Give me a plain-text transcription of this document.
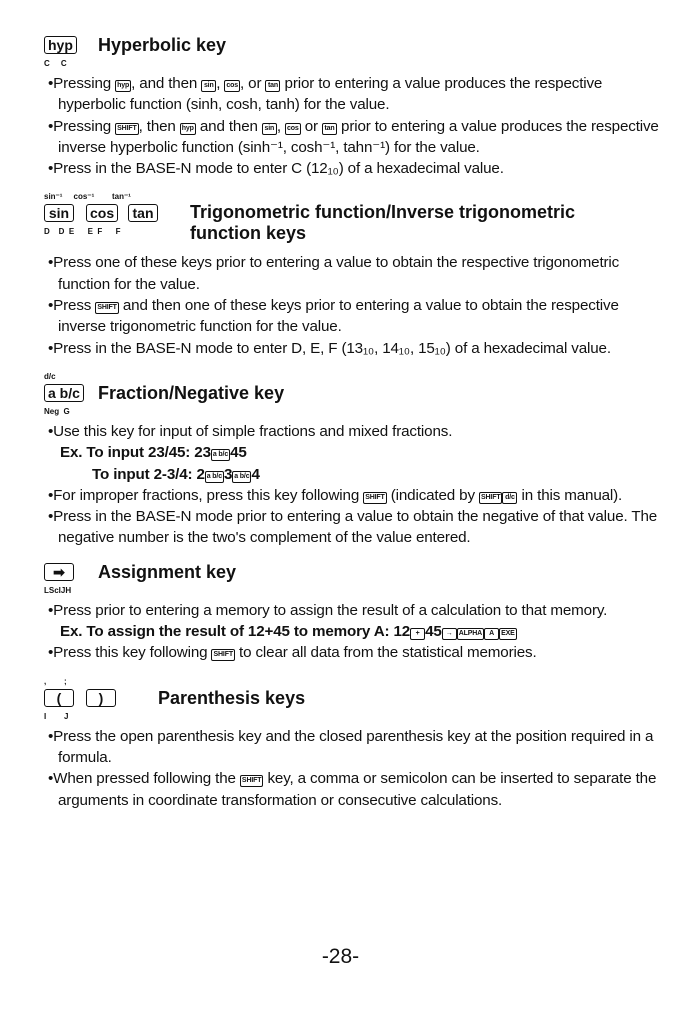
hyp Hyperbolic key
C     C

•Pressing hyp , and then sin , cos , or tan prior to entering a value produces the respective hyperbolic function (sinh, cosh, tanh) for the value.

•Pressing SHIFT , then hyp and then sin , cos or tan prior to entering a value produces the respective inverse hyperbolic function (sinh⁻¹, cosh⁻¹, tahn⁻¹) for the value.

•Press in the BASE-N mode to enter C (12₁₀) of a hexadecimal value.

sin⁻¹     cos⁻¹        tan⁻¹
sin	cos	tan Trigonometric function/Inverse trigonometric function keys
D    D  E      E  F      F

•Press one of these keys prior to entering a value to obtain the respective trigonometric function for the value.

•Press SHIFT and then one of these keys prior to entering a value to obtain the respective inverse trigonometric function for the value.

•Press in the BASE-N mode to enter D, E, F (13₁₀, 14₁₀, 15₁₀) of a hexadecimal value.

d/c
a b/c Fraction/Negative key
Neg  G

•Use this key for input of simple fractions and mixed fractions.

Ex. To input 23/45: 23 a b/c 45

To input 2-3/4: 2 a b/c 3 a b/c 4

•For improper fractions, press this key following SHIFT (indicated by SHIFT d/c in this manual).

•Press in the BASE-N mode prior to entering a value to obtain the negative of that value. The negative number is the two's complement of the value entered.

➡	Assignment key
LScIJH

•Press prior to entering a memory to assign the result of a calculation to that memory.

Ex. To assign the result of 12+45 to memory A: 12 + 45 → ALPHA A EXE

•Press this key following SHIFT to clear all data from the statistical memories.

,        ;
(	)	Parenthesis keys
I        J

•Press the open parenthesis key and the closed parenthesis key at the position required in a formula.

•When pressed following the SHIFT key, a comma or semicolon can be inserted to separate the arguments in coordinate transformation or consecutive calculations.

-28-
